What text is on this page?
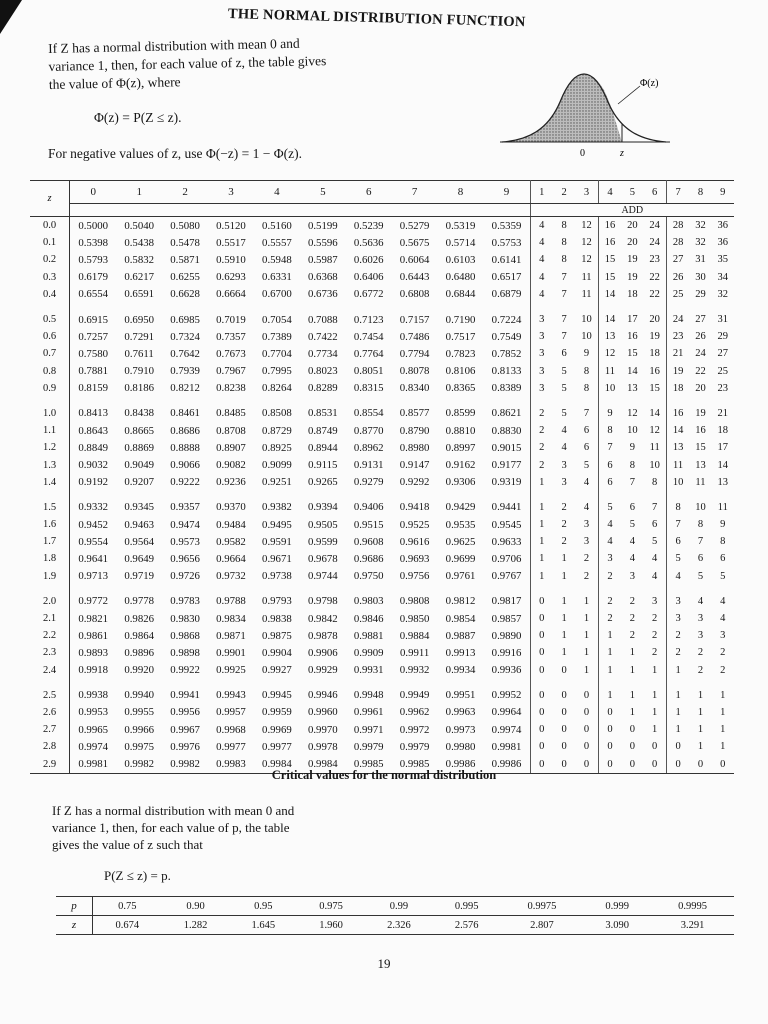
THE NORMAL DISTRIBUTION FUNCTION

If Z has a normal distribution with mean 0 and

variance 1, then, for each value of z, the table gives

the value of Φ(z), where

Φ(z) = P(Z ≤ z).
For negative values of z, use Φ(−z) = 1 − Φ(z).
Φ(z)
0	z
z	0	1	2	3	4	5	6	7	8	9	1	2	3	4	5	6	7	8	9
											ADD								
0.0	0.5000	0.5040	0.5080	0.5120	0.5160	0.5199	0.5239	0.5279	0.5319	0.5359	4	8	12	16	20	24	28	32	36
0.1	0.5398	0.5438	0.5478	0.5517	0.5557	0.5596	0.5636	0.5675	0.5714	0.5753	4	8	12	16	20	24	28	32	36
0.2	0.5793	0.5832	0.5871	0.5910	0.5948	0.5987	0.6026	0.6064	0.6103	0.6141	4	8	12	15	19	23	27	31	35
0.3	0.6179	0.6217	0.6255	0.6293	0.6331	0.6368	0.6406	0.6443	0.6480	0.6517	4	7	11	15	19	22	26	30	34
0.4	0.6554	0.6591	0.6628	0.6664	0.6700	0.6736	0.6772	0.6808	0.6844	0.6879	4	7	11	14	18	22	25	29	32

0.5	0.6915	0.6950	0.6985	0.7019	0.7054	0.7088	0.7123	0.7157	0.7190	0.7224	3	7	10	14	17	20	24	27	31
0.6	0.7257	0.7291	0.7324	0.7357	0.7389	0.7422	0.7454	0.7486	0.7517	0.7549	3	7	10	13	16	19	23	26	29
0.7	0.7580	0.7611	0.7642	0.7673	0.7704	0.7734	0.7764	0.7794	0.7823	0.7852	3	6	9	12	15	18	21	24	27
0.8	0.7881	0.7910	0.7939	0.7967	0.7995	0.8023	0.8051	0.8078	0.8106	0.8133	3	5	8	11	14	16	19	22	25
0.9	0.8159	0.8186	0.8212	0.8238	0.8264	0.8289	0.8315	0.8340	0.8365	0.8389	3	5	8	10	13	15	18	20	23

1.0	0.8413	0.8438	0.8461	0.8485	0.8508	0.8531	0.8554	0.8577	0.8599	0.8621	2	5	7	9	12	14	16	19	21
1.1	0.8643	0.8665	0.8686	0.8708	0.8729	0.8749	0.8770	0.8790	0.8810	0.8830	2	4	6	8	10	12	14	16	18
1.2	0.8849	0.8869	0.8888	0.8907	0.8925	0.8944	0.8962	0.8980	0.8997	0.9015	2	4	6	7	9	11	13	15	17
1.3	0.9032	0.9049	0.9066	0.9082	0.9099	0.9115	0.9131	0.9147	0.9162	0.9177	2	3	5	6	8	10	11	13	14
1.4	0.9192	0.9207	0.9222	0.9236	0.9251	0.9265	0.9279	0.9292	0.9306	0.9319	1	3	4	6	7	8	10	11	13

1.5	0.9332	0.9345	0.9357	0.9370	0.9382	0.9394	0.9406	0.9418	0.9429	0.9441	1	2	4	5	6	7	8	10	11
1.6	0.9452	0.9463	0.9474	0.9484	0.9495	0.9505	0.9515	0.9525	0.9535	0.9545	1	2	3	4	5	6	7	8	9
1.7	0.9554	0.9564	0.9573	0.9582	0.9591	0.9599	0.9608	0.9616	0.9625	0.9633	1	2	3	4	4	5	6	7	8
1.8	0.9641	0.9649	0.9656	0.9664	0.9671	0.9678	0.9686	0.9693	0.9699	0.9706	1	1	2	3	4	4	5	6	6
1.9	0.9713	0.9719	0.9726	0.9732	0.9738	0.9744	0.9750	0.9756	0.9761	0.9767	1	1	2	2	3	4	4	5	5

2.0	0.9772	0.9778	0.9783	0.9788	0.9793	0.9798	0.9803	0.9808	0.9812	0.9817	0	1	1	2	2	3	3	4	4
2.1	0.9821	0.9826	0.9830	0.9834	0.9838	0.9842	0.9846	0.9850	0.9854	0.9857	0	1	1	2	2	2	3	3	4
2.2	0.9861	0.9864	0.9868	0.9871	0.9875	0.9878	0.9881	0.9884	0.9887	0.9890	0	1	1	1	2	2	2	3	3
2.3	0.9893	0.9896	0.9898	0.9901	0.9904	0.9906	0.9909	0.9911	0.9913	0.9916	0	1	1	1	1	2	2	2	2
2.4	0.9918	0.9920	0.9922	0.9925	0.9927	0.9929	0.9931	0.9932	0.9934	0.9936	0	0	1	1	1	1	1	2	2

2.5	0.9938	0.9940	0.9941	0.9943	0.9945	0.9946	0.9948	0.9949	0.9951	0.9952	0	0	0	1	1	1	1	1	1
2.6	0.9953	0.9955	0.9956	0.9957	0.9959	0.9960	0.9961	0.9962	0.9963	0.9964	0	0	0	0	1	1	1	1	1
2.7	0.9965	0.9966	0.9967	0.9968	0.9969	0.9970	0.9971	0.9972	0.9973	0.9974	0	0	0	0	0	1	1	1	1
2.8	0.9974	0.9975	0.9976	0.9977	0.9977	0.9978	0.9979	0.9979	0.9980	0.9981	0	0	0	0	0	0	0	1	1
2.9	0.9981	0.9982	0.9982	0.9983	0.9984	0.9984	0.9985	0.9985	0.9986	0.9986	0	0	0	0	0	0	0	0	0
Critical values for the normal distribution

If Z has a normal distribution with mean 0 and

variance 1, then, for each value of p, the table

gives the value of z such that

P(Z ≤ z) = p.
p	0.75	0.90	0.95	0.975	0.99	0.995	0.9975	0.999	0.9995
z	0.674	1.282	1.645	1.960	2.326	2.576	2.807	3.090	3.291
19
